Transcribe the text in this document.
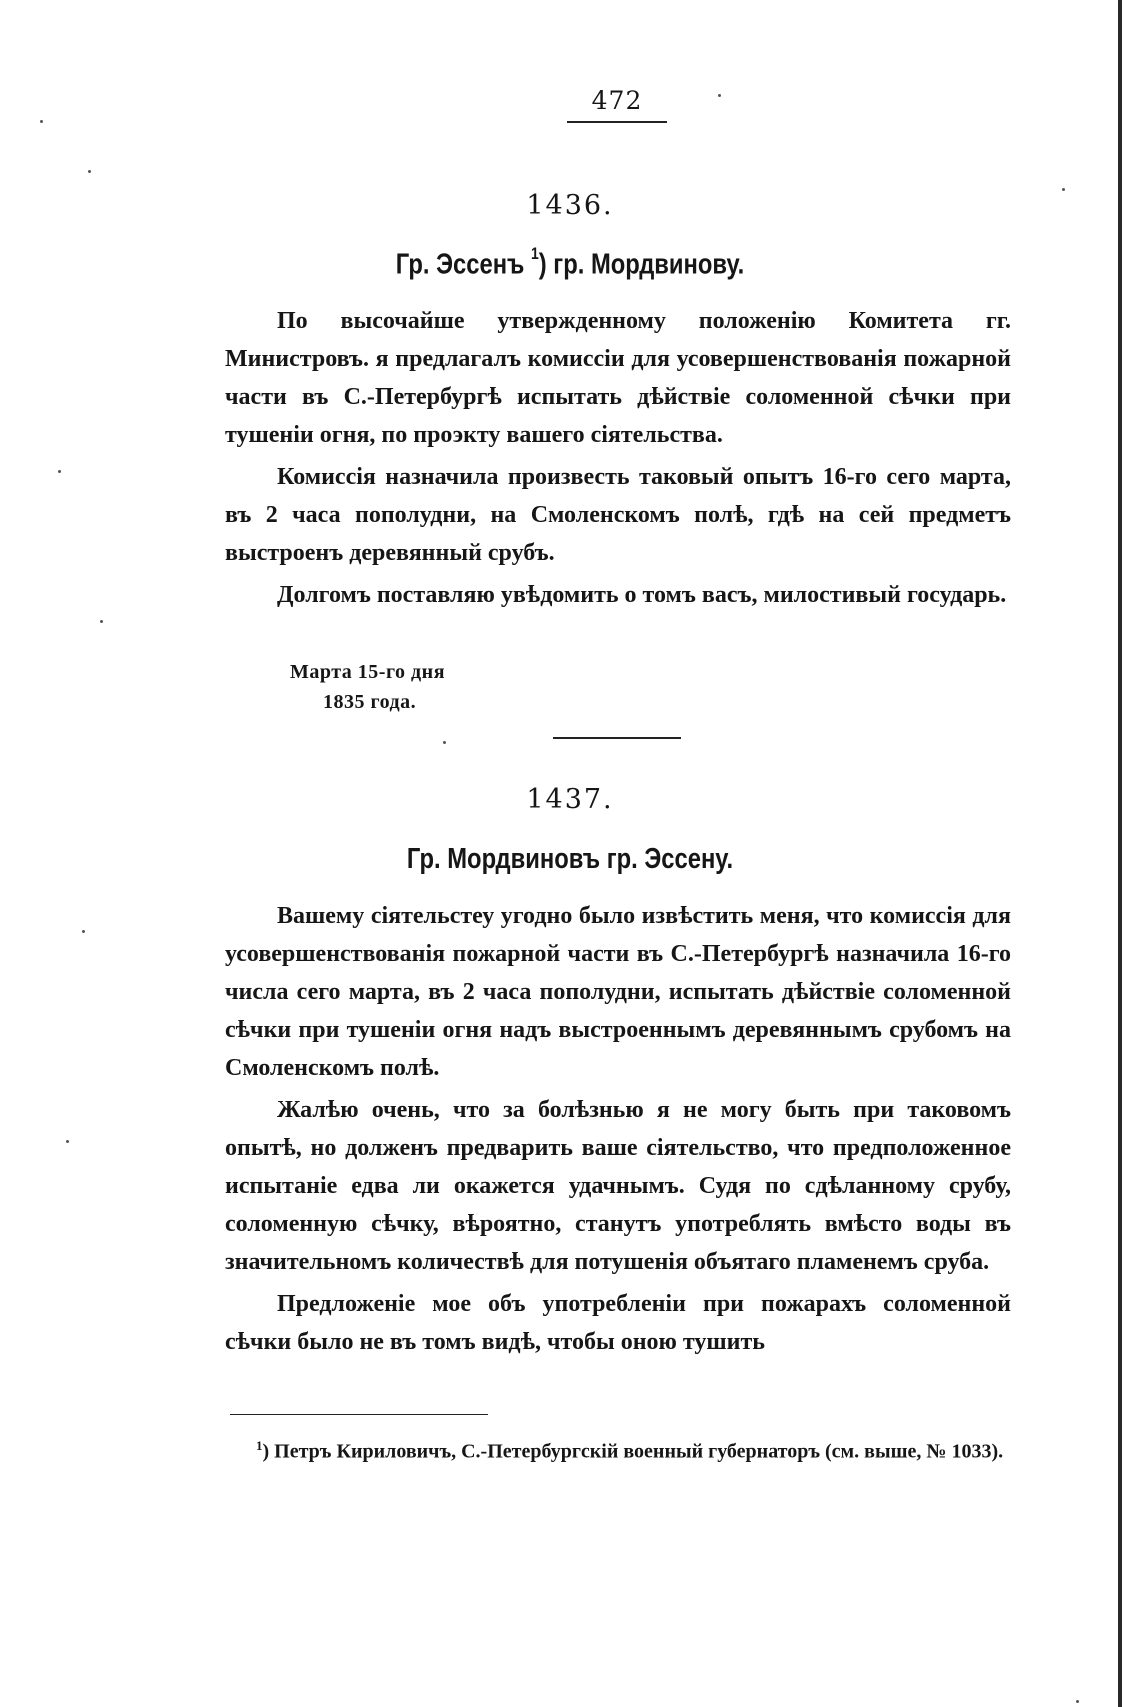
472
1436.
Гр. Эссенъ $^1$) гр. Мордвинову.

По высочайше утвержденному положенію Комитета гг. Министровъ. я предлагалъ комиссіи для усовершенствованія пожарной части въ С.-Петербургѣ испытать дѣйствіе соломенной сѣчки при тушеніи огня, по проэкту вашего сіятельства.

Комиссія назначила произвесть таковый опытъ 16-го сего марта, въ 2 часа пополудни, на Смоленскомъ полѣ, гдѣ на сей предметъ выстроенъ деревянный срубъ.

Долгомъ поставляю увѣдомить о томъ васъ, милостивый государь.

Марта 15-го дня
1835 года.
1437.
Гр. Мордвиновъ гр. Эссену.

Вашему сіятельстеу угодно было извѣстить меня, что комиссія для усовершенствованія пожарной части въ С.-Петербургѣ назначила 16-го числа сего марта, въ 2 часа пополудни, испытать дѣйствіе соломенной сѣчки при тушеніи огня надъ выстроеннымъ деревяннымъ срубомъ на Смоленскомъ полѣ.

Жалѣю очень, что за болѣзнью я не могу быть при таковомъ опытѣ, но долженъ предварить ваше сіятельство, что предположенное испытаніе едва ли окажется удачнымъ. Судя по сдѣланному срубу, соломенную сѣчку, вѣроятно, станутъ употреблять вмѣсто воды въ значительномъ количествѣ для потушенія объятаго пламенемъ сруба.

Предложеніе мое объ употребленіи при пожарахъ соломенной сѣчки было не въ томъ видѣ, чтобы оною тушить

$^1$) Петръ Кириловичъ, С.-Петербургскій военный губернаторъ (см. выше, № 1033).
